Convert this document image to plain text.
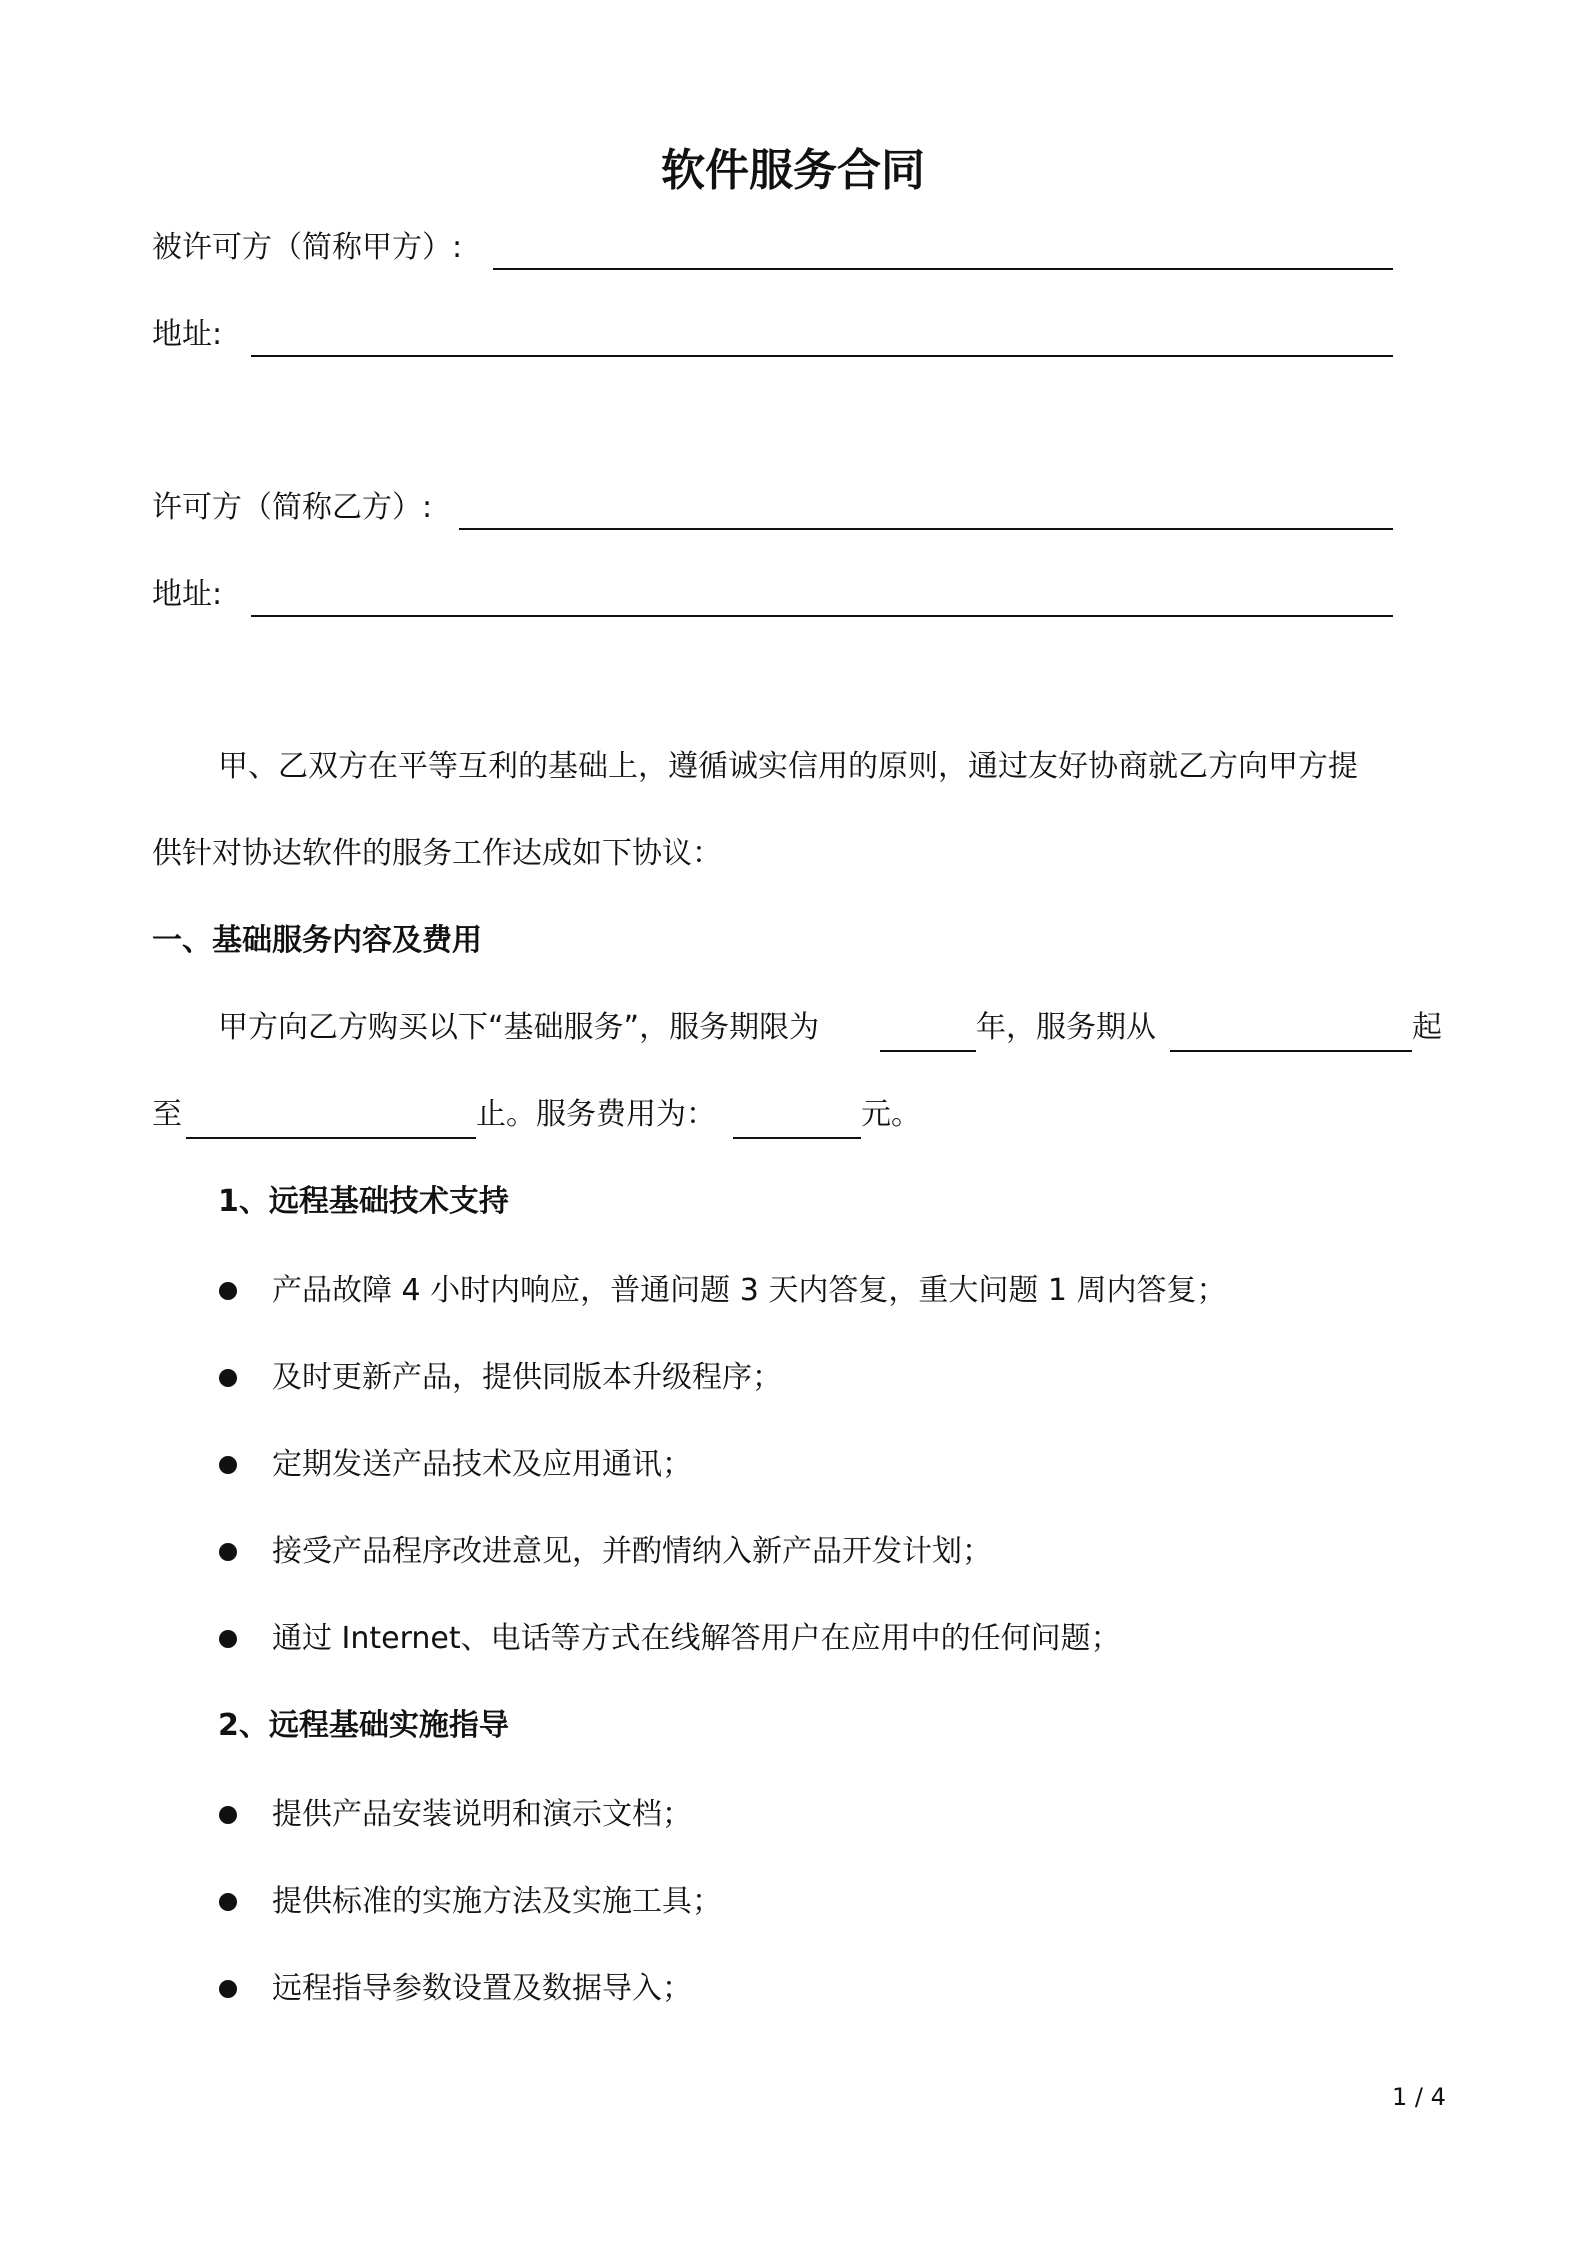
软件服务合同
被许可方（简称甲方）:
地址:
许可方（简称乙方）:
地址:
甲、乙双方在平等互利的基础上，遵循诚实信用的原则，通过友好协商就乙方向甲方提
供针对协达软件的服务工作达成如下协议：
一、基础服务内容及费用
甲方向乙方购买以下“基础服务”，服务期限为	年，服务期从	起
至	止。服务费用为：	元。
1、远程基础技术支持
产品故障 4 小时内响应，普通问题 3 天内答复，重大问题 1 周内答复；
及时更新产品，提供同版本升级程序；
定期发送产品技术及应用通讯；
接受产品程序改进意见，并酌情纳入新产品开发计划；
通过 Internet、电话等方式在线解答用户在应用中的任何问题；
2、远程基础实施指导
提供产品安装说明和演示文档；
提供标准的实施方法及实施工具；
远程指导参数设置及数据导入；
1 / 4
